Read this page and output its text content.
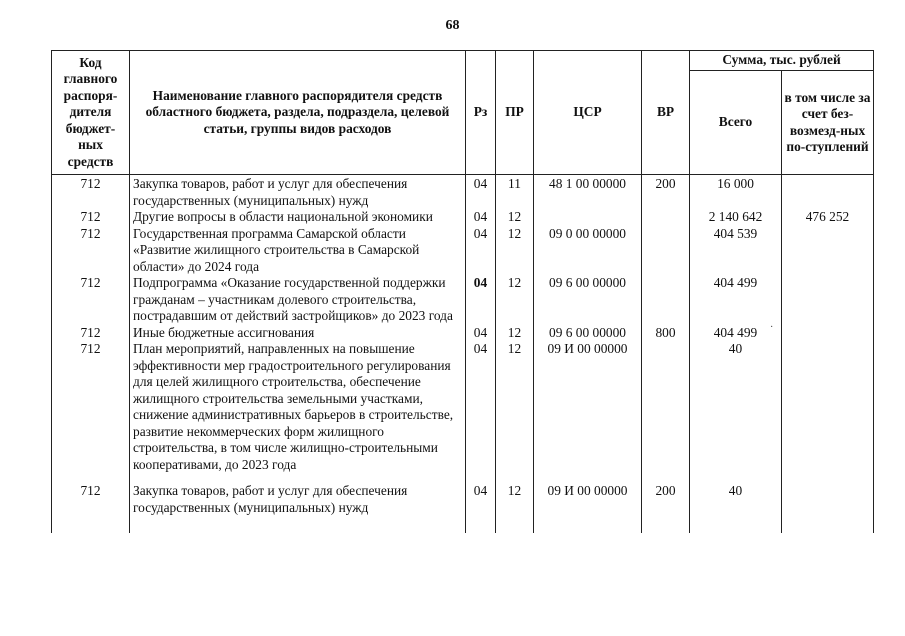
68
Код главного распоря-дителя бюджет-ных средств	Наименование главного распорядителя средств областного бюджета, раздела, подраздела, целевой статьи, группы видов расходов	Рз	ПР	ЦСР	ВР	Сумма, тыс. рублей	
						Всего	в том числе за счет без-возмезд-ных по-ступлений
712	Закупка товаров, работ и услуг для обеспечения государственных (муниципальных) нужд	04	11	48 1 00 00000	200	16 000	
712	Другие вопросы в области национальной экономики	04	12			2 140 642	476 252
712	Государственная программа Самарской области «Развитие жилищного строительства в Самарской области» до 2024 года	04	12	09 0 00 00000		404 539	
712	Подпрограмма «Оказание государственной поддержки гражданам – участникам долевого строительства, пострадавшим от действий застройщиков» до 2023 года	04	12	09 6 00 00000		404 499	
712	Иные бюджетные ассигнования	04	12	09 6 00 00000	800	404 499	
712	План мероприятий, направленных на повышение эффективности мер градостроительного регулирования для целей жилищного строительства, обеспечение жилищного строительства земельными участками, снижение административных барьеров в строительстве, развитие некоммерческих форм жилищного строительства, в том числе жилищно-строительными кооперативами, до 2023 года	04	12	09 И 00 00000		40	
712	Закупка товаров, работ и услуг для обеспечения государственных (муниципальных) нужд	04	12	09 И 00 00000	200	40	
·
